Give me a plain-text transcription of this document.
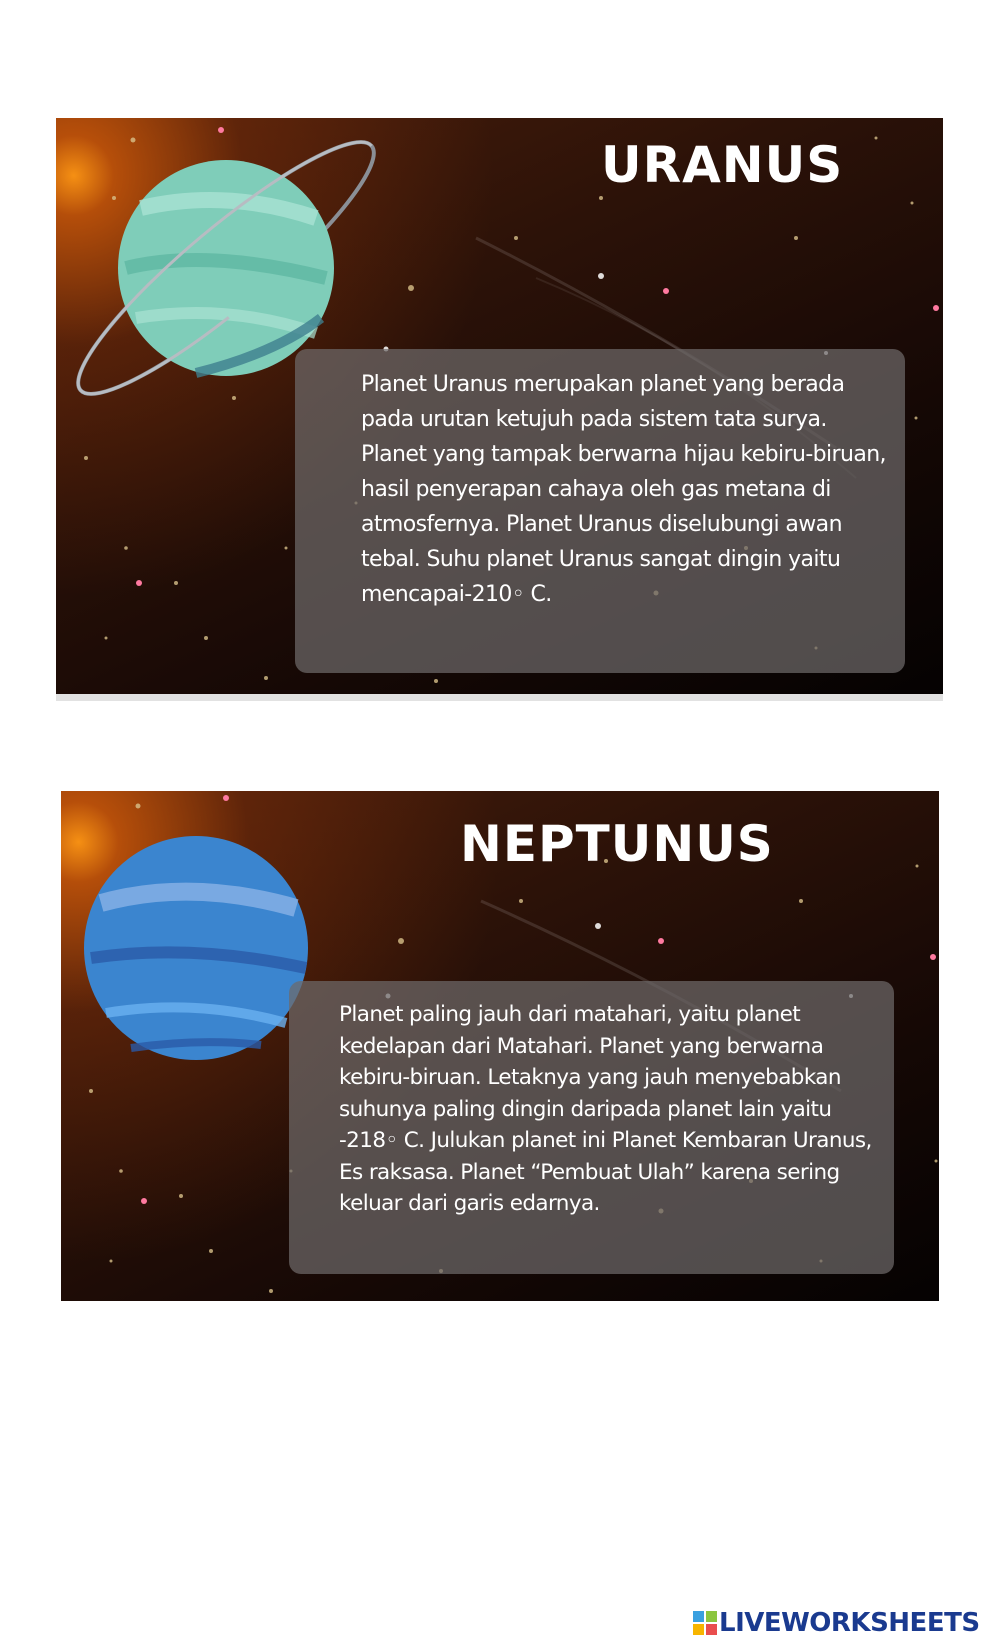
URANUS

Planet Uranus merupakan planet yang berada pada urutan ketujuh pada sistem tata surya. Planet yang tampak berwarna hijau kebiru-biruan, hasil penyerapan cahaya oleh gas metana di atmosfernya. Planet Uranus diselubungi awan tebal. Suhu planet Uranus sangat dingin yaitu mencapai-210◦ C.

NEPTUNUS

Planet paling jauh dari matahari, yaitu planet kedelapan dari Matahari. Planet yang berwarna kebiru-biruan. Letaknya yang jauh menyebabkan suhunya paling dingin daripada planet lain yaitu -218◦ C. Julukan planet ini Planet Kembaran Uranus, Es raksasa. Planet “Pembuat Ulah” karena sering keluar dari garis edarnya.

LIVEWORKSHEETS
